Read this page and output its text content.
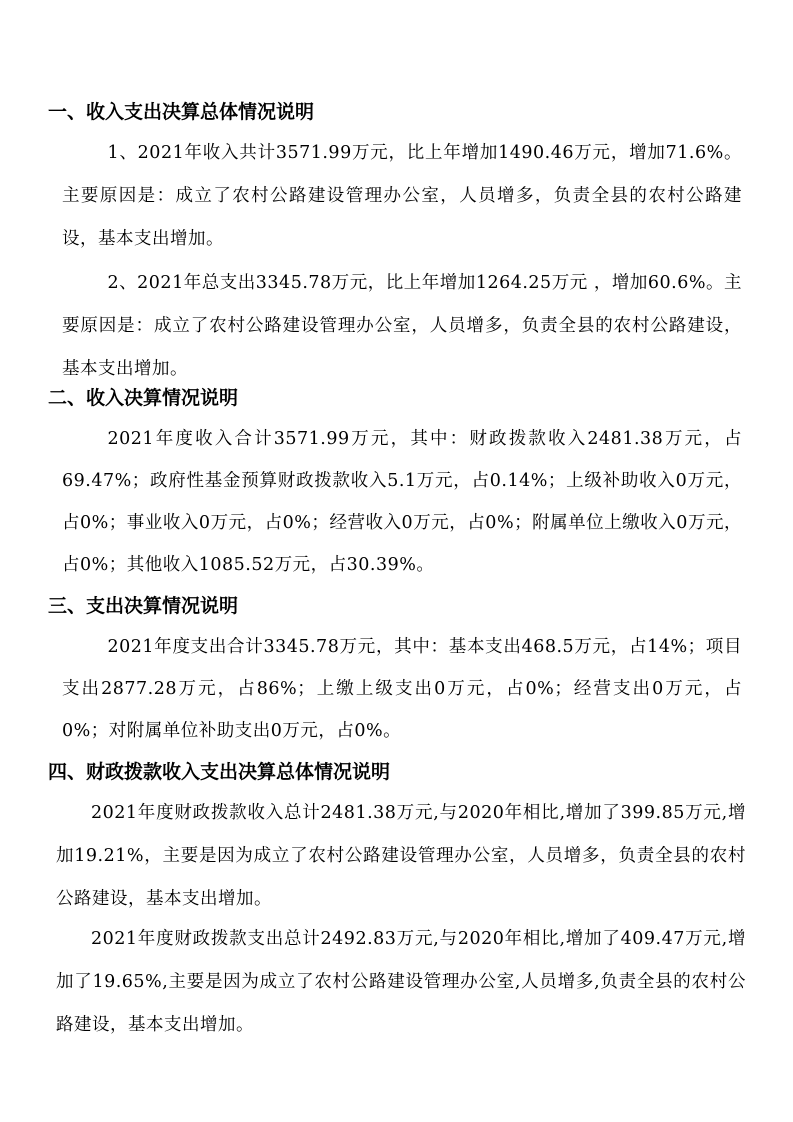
一、收入支出决算总体情况说明

1、2021年收入共计3571.99万元，比上年增加1490.46万元，增加71.6%。主要原因是：成立了农村公路建设管理办公室，人员增多，负责全县的农村公路建设，基本支出增加。

2、2021年总支出3345.78万元，比上年增加1264.25万元 ，增加60.6%。主要原因是：成立了农村公路建设管理办公室，人员增多，负责全县的农村公路建设，基本支出增加。

二、收入决算情况说明

2021年度收入合计3571.99万元，其中：财政拨款收入2481.38万元，占69.47%；政府性基金预算财政拨款收入5.1万元，占0.14%；上级补助收入0万元，占0%；事业收入0万元，占0%；经营收入0万元，占0%；附属单位上缴收入0万元，占0%；其他收入1085.52万元，占30.39%。

三、支出决算情况说明

2021年度支出合计3345.78万元，其中：基本支出468.5万元，占14%；项目支出2877.28万元，占86%；上缴上级支出0万元，占0%；经营支出0万元，占0%；对附属单位补助支出0万元，占0%。

四、财政拨款收入支出决算总体情况说明

2021年度财政拨款收入总计2481.38万元,与2020年相比,增加了399.85万元,增加19.21%，主要是因为成立了农村公路建设管理办公室，人员增多，负责全县的农村公路建设，基本支出增加。

2021年度财政拨款支出总计2492.83万元,与2020年相比,增加了409.47万元,增加了19.65%,主要是因为成立了农村公路建设管理办公室,人员增多,负责全县的农村公路建设，基本支出增加。
